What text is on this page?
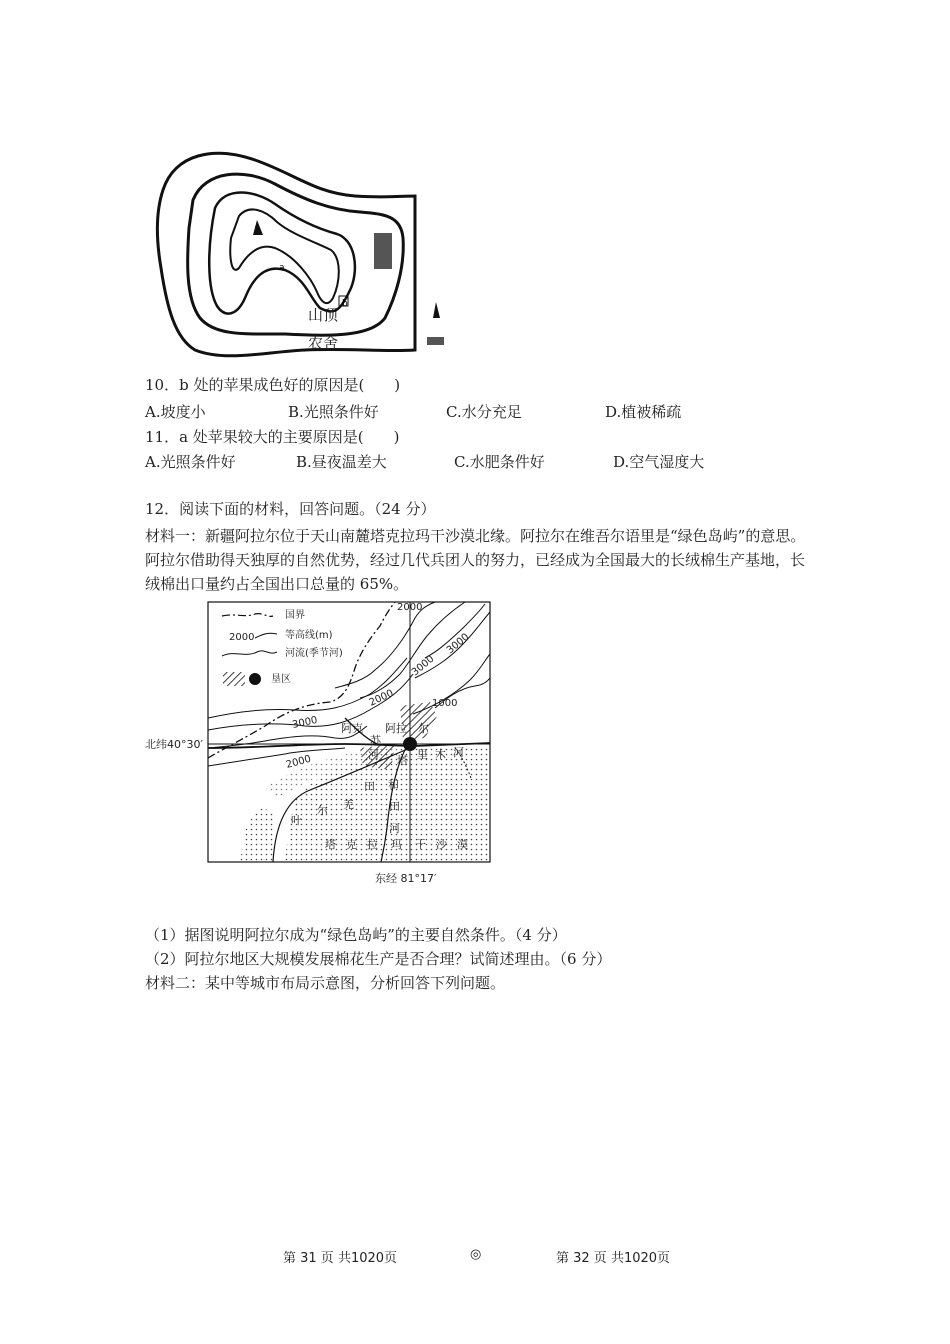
a
b
山顶
农舍
10．b 处的苹果成色好的原因是(　　)
A.坡度小	B.光照条件好	C.水分充足	D.植被稀疏
11．a 处苹果较大的主要原因是(　　)
A.光照条件好	B.昼夜温差大	C.水肥条件好	D.空气湿度大
12．阅读下面的材料，回答问题。（24 分）
材料一：新疆阿拉尔位于天山南麓塔克拉玛干沙漠北缘。阿拉尔在维吾尔语里是“绿色岛屿”的意思。阿拉尔借助得天独厚的自然优势，经过几代兵团人的努力，已经成为全国最大的长绒棉生产基地，长绒棉出口量约占全国出口总量的 65%。
国界
2000	等高线(m)
河流(季节河)
垦区
2000
3000
3000
2000	1000
3000
2000
阿克
苏
河
阿拉 尔
塔 里 木 河
田 和
田
河
羌
尔
叶
塔 克 拉 玛 干 沙 漠
北纬40°30′
东经 81°17′
（1）据图说明阿拉尔成为“绿色岛屿”的主要自然条件。（4 分）
（2）阿拉尔地区大规模发展棉花生产是否合理？试简述理由。（6 分）
材料二：某中等城市布局示意图，分析回答下列问题。
第 31 页 共1020页	◎	第 32 页 共1020页
